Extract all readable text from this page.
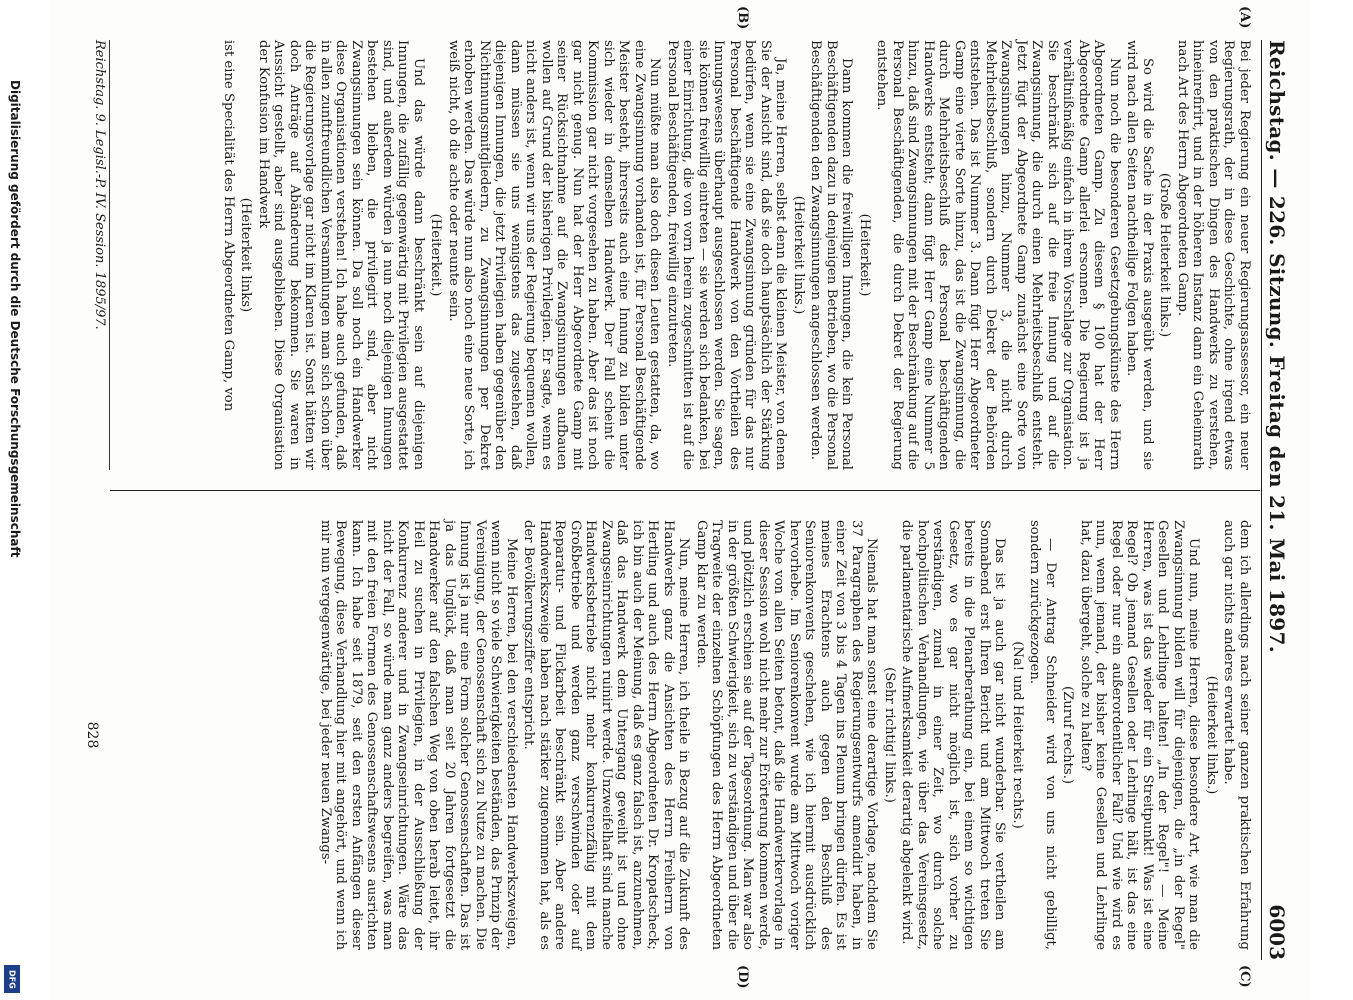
Digitalisierung gefördert durch die Deutsche Forschungsgemeinschaft
DFG
Reichstag. — 226. Sitzung. Freitag den 21. Mai 1897.
6003
(A)
(B)
(C)
(D)

Bei jeder Regierung ein neuer Regierungsassessor, ein neuer Regierungsrath, der in diese Geschichte, ohne irgend etwas von den praktischen Dingen des Handwerks zu verstehen, hineinrefirirt, und in der höheren Instanz dann ein Geheimrath nach Art des Herrn Abgeordneten Gamp.

(Große Heiterkeit links.)

So wird die Sache in der Praxis ausgeübt werden, und sie wird nach allen Seiten nachtheilige Folgen haben.

Nun noch die besonderen Gesetzgebungskünste des Herrn Abgeordneten Gamp. Zu diesem § 100 hat der Herr Abgeordnete Gamp allerlei ersonnen. Die Regierung ist ja verhältnißmäßig einfach in ihrem Vorschlage zur Organisation. Sie beschränkt sich auf die freie Innung und auf die Zwangsinnung, die durch einen Mehrheitsbeschluß entsteht. Jetzt fügt der Abgeordnete Gamp zunächst eine Sorte von Zwangsinnungen hinzu, Nummer 3, die nicht durch Mehrheitsbeschluß, sondern durch Dekret der Behörden entstehen. Das ist Nummer 3. Dann fügt Herr Abgeordneter Gamp eine vierte Sorte hinzu, das ist die Zwangsinnung, die durch Mehrheitsbeschluß des Personal beschäftigenden Handwerks entsteht; dann fügt Herr Gamp eine Nummer 5 hinzu, daß sind Zwangsinnungen mit der Beschränkung auf die Personal Beschäftigenden, die durch Dekret der Regierung entstehen.

(Heiterkeit.)

Dann kommen die freiwilligen Innungen, die kein Personal Beschäftigenden dazu in denjenigen Betrieben, wo die Personal Beschäftigenden den Zwangsinnungen angeschlossen werden.

(Heiterkeit links.)

Ja, meine Herren, selbst denn die kleinen Meister, von denen Sie der Ansicht sind, daß sie doch hauptsächlich der Stärkung bedürfen, wenn sie eine Zwangsinnung gründen für das nur Personal beschäftigende Handwerk von den Vortheilen des Innungswesens überhaupt ausgeschlossen werden. Sie sagen, sie können freiwillig eintreten — sie werden sich bedanken, bei einer Einrichtung, die von vorn herein zugeschnitten ist auf die Personal Beschäftigenden, freiwillig einzutreten.

Nun müßte man also doch diesen Leuten gestatten, da, wo eine Zwangsinnung vorhanden ist, für Personal Beschäftigende Meister besteht, ihrerseits auch eine Innung zu bilden unter sich wieder in demselben Handwerk. Der Fall scheint die Kommission gar nicht vorgesehen zu haben. Aber das ist noch gar nicht genug. Nun hat der Herr Abgeordnete Gamp mit seiner Rücksichtnahme auf die Zwangsinnungen aufbauen wollen auf Grund der bisherigen Privilegien. Er sagte, wenn es nicht anders ist, wenn wir uns der Regierung bequemen wollen, dann müssen sie uns wenigstens das zugestehen, daß diejenigen Innungen, die jetzt Privilegien haben gegenüber den Nichtinnungsmitgliedern, zu Zwangsinnungen per Dekret erhoben werden. Das würde nun also noch eine neue Sorte, ich weiß nicht, ob die achte oder neunte sein.

(Heiterkeit.)

Und das würde dann beschränkt sein auf diejenigen Innungen, die zufällig gegenwärtig mit Privilegien ausgestattet sind, und außerdem würden ja nun noch diejenigen Innungen bestehen bleiben, die privilegirt sind, aber nicht Zwangsinnungen sein können. Da soll noch ein Handwerker diese Organisationen verstehen! Ich habe auch gefunden, daß in allen zunftfreundlichen Versammlungen man sich schon über die Regierungsvorlage gar nicht im Klaren ist. Sonst hätten wir doch Anträge auf Abänderung bekommen. Sie waren in Aussicht gestellt, aber sind ausgeblieben. Diese Organisation der Konfusion im Handwerk

(Heiterkeit links)

ist eine Specialität des Herrn Abgeordneten Gamp, von

dem ich allerdings nach seiner ganzen praktischen Erfahrung auch gar nichts anderes erwartet habe.

(Heiterkeit links.)

Und nun, meine Herren, diese besondere Art, wie man die Zwangsinnung bilden will für diejenigen, die „in der Regel" Gesellen und Lehrlinge halten! „In der Regel"! — Meine Herren, was ist das wieder für ein Streitpunkt! Was ist eine Regel? Ob jemand Gesellen oder Lehrlinge hält, ist das eine Regel oder nur ein außerordentlicher Fall? Und wie wird es nun, wenn jemand, der bisher keine Gesellen und Lehrlinge hat, dazu übergeht, solche zu halten?

(Zuruf rechts.)

— Der Antrag Schneider wird von uns nicht gebilligt, sondern zurückgezogen.

(Na! und Heiterkeit rechts.)

Das ist ja auch gar nicht wunderbar. Sie vertheilen am Sonnabend erst Ihren Bericht und am Mittwoch treten Sie bereits in die Plenarberathung ein, bei einem so wichtigen Gesetz, wo es gar nicht möglich ist, sich vorher zu verständigen, zumal in einer Zeit, wo durch solche hochpolitischen Verhandlungen, wie über das Vereinsgesetz, die parlamentarische Aufmerksamkeit derartig abgelenkt wird.

(Sehr richtig! links.)

Niemals hat man sonst eine derartige Vorlage, nachdem Sie 37 Paragraphen des Regierungsentwurfs amendirt haben, in einer Zeit von 3 bis 4 Tagen ins Plenum bringen dürfen. Es ist meines Erachtens auch gegen den Beschluß des Seniorenkonvents geschehen, wie ich hiermit ausdrücklich hervorhebe. Im Seniorenkonvent wurde am Mittwoch voriger Woche von allen Seiten betont, daß die Handwerkervorlage in dieser Session wohl nicht mehr zur Erörterung kommen werde, und plötzlich erschien sie auf der Tagesordnung. Man war also in der größten Schwierigkeit, sich zu verständigen und über die Tragweite der einzelnen Schöpfungen des Herrn Abgeordneten Gamp klar zu werden.

Nun, meine Herren, ich theile in Bezug auf die Zukunft des Handwerks ganz die Ansichten des Herrn Freiherrn von Hertling und auch des Herrn Abgeordneten Dr. Kropatscheck; ich bin auch der Meinung, daß es ganz falsch ist, anzunehmen, daß das Handwerk dem Untergang geweiht ist und ohne Zwangseinrichtungen ruinirt werde. Unzweifelhaft sind manche Handwerksbetriebe nicht mehr konkurrenzfähig mit dem Großbetriebe und werden ganz verschwinden oder auf Reparatur- und Flickarbeit beschränkt sein. Aber andere Handwerkszweige haben nach stärker zugenommen hat, als es der Bevölkerungsziffer entspricht.

Meine Herren, bei den verschiedensten Handwerkszweigen, wenn nicht so viele Schwierigkeiten beständen, das Prinzip der Vereinigung, der Genossenschaft sich zu Nutze zu machen. Die Innung ist ja nur eine Form solcher Genossenschaften. Das ist ja das Unglück, daß man seit 20 Jahren fortgesetzt die Handwerker auf den falschen Weg von oben herab leitet, ihr Heil zu suchen in Privilegien, in der Ausschließung der Konkurrenz anderer und in Zwangseinrichtungen. Wäre das nicht der Fall, so würde man ganz anders begreifen, was man mit den freien Formen des Genossenschaftswesens ausrichten kann. Ich habe seit 1879, seit den ersten Anfängen dieser Bewegung, diese Verhandlung hier mit angehört, und wenn ich mir nun vergegenwärtige, bei jeder neuen Zwangs-

Reichstag. 9. Legisl.-P. IV. Session. 1895/97.
828
